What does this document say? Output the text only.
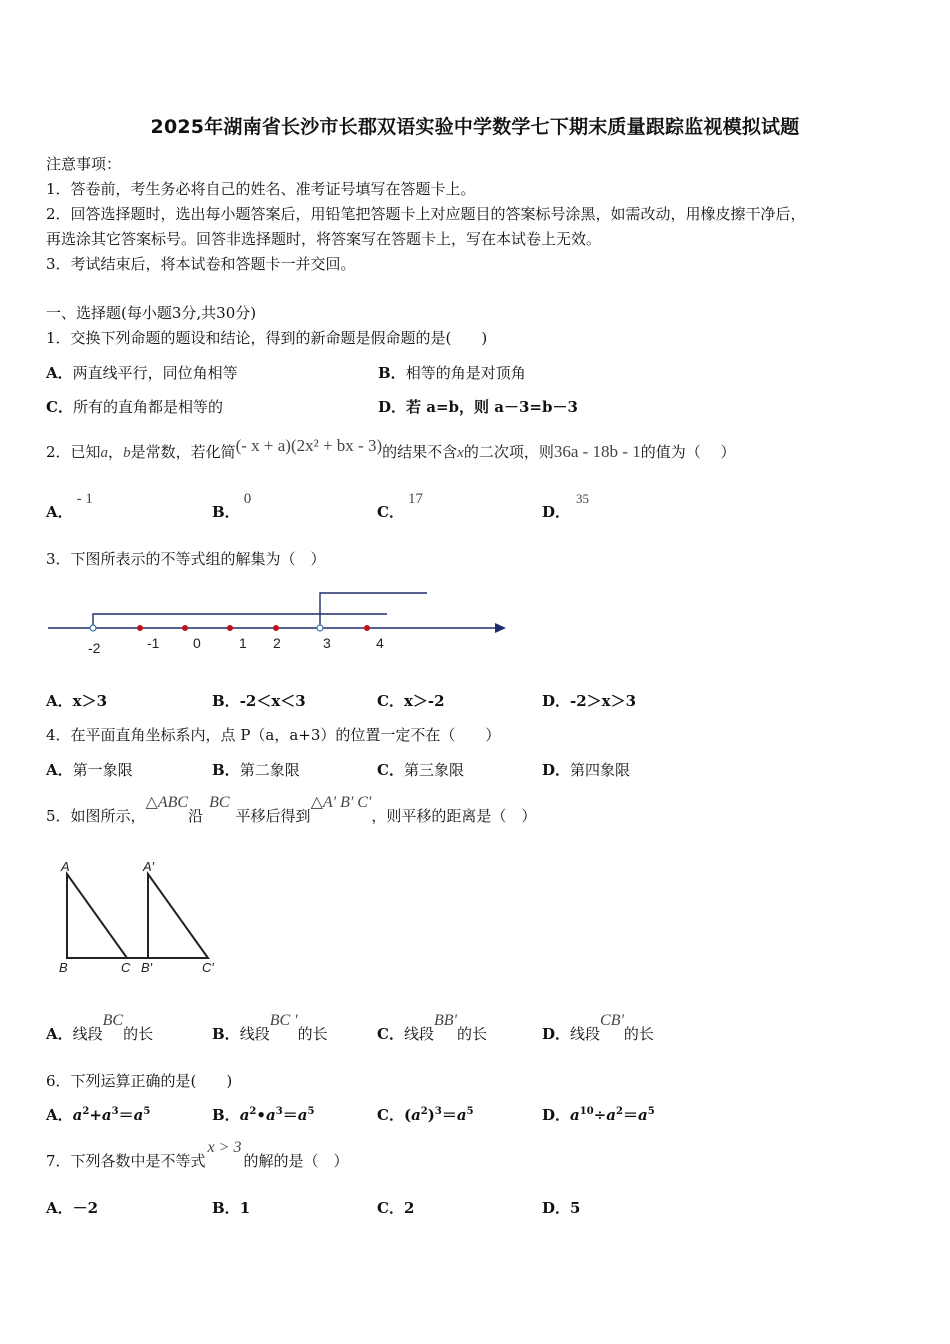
2025年湖南省长沙市长郡双语实验中学数学七下期末质量跟踪监视模拟试题
注意事项：
1．答卷前，考生务必将自己的姓名、准考证号填写在答题卡上。
2．回答选择题时，选出每小题答案后，用铅笔把答题卡上对应题目的答案标号涂黑，如需改动，用橡皮擦干净后，
再选涂其它答案标号。回答非选择题时，将答案写在答题卡上，写在本试卷上无效。
3．考试结束后，将本试卷和答题卡一并交回。
一、选择题(每小题3分,共30分)
1．交换下列命题的题设和结论，得到的新命题是假命题的是(　　)
A．两直线平行，同位角相等	B．相等的角是对顶角
C．所有的直角都是相等的	D．若 a=b，则 a－3=b－3
2．已知a，b是常数，若化简(- x + a)(2x² + bx - 3)的结果不含x的二次项，则36a - 18b - 1的值为（　 ）
A．- 1
B．0
C．17
D．35
3．下图所表示的不等式组的解集为（　）
-2	-1 0	1 2	3	4
A．x＞3	B．-2＜x＜3	C．x＞-2	D．-2＞x＞3
4．在平面直角坐标系内，点 P（a，a+3）的位置一定不在（　　）
A．第一象限	B．第二象限	C．第三象限	D．第四象限
5．如图所示，△ABC沿BC平移后得到△A' B' C'，则平移的距离是（　）
A	A′
B	C B′	C′
A．线段BC的长	B．线段BC '的长	C．线段BB'的长	D．线段CB'的长
6．下列运算正确的是(　　)
A．$a^2+a^3=a^5$	B．$a^2•a^3=a^5$	C．$(a^2)^3=a^5$	D．$a^{10}\div a^2=a^5$
7．下列各数中是不等式x > 3的解的是（　）
A．－2	B．1	C．2	D．5
